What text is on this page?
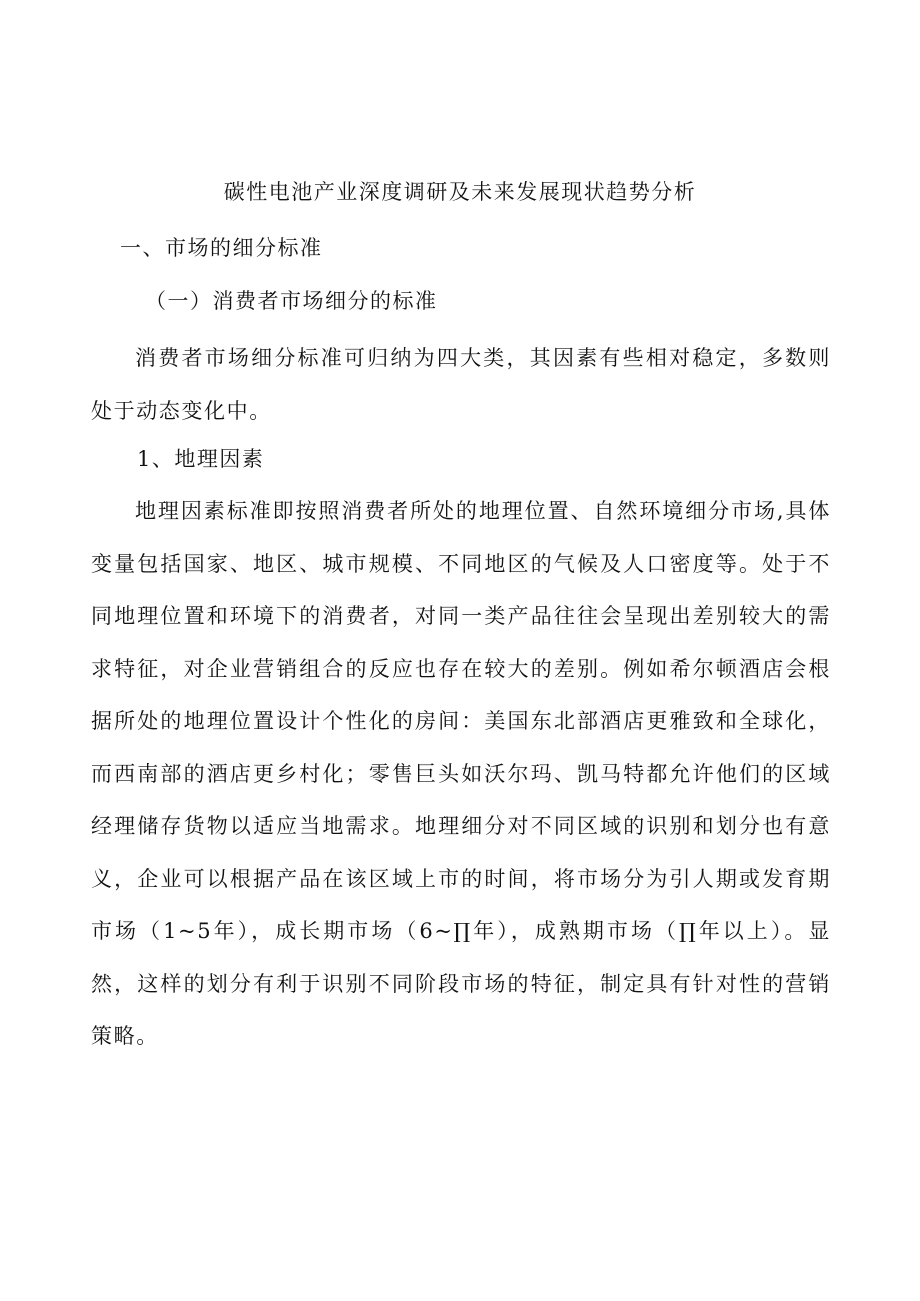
碳性电池产业深度调研及未来发展现状趋势分析
一、市场的细分标准
（一）消费者市场细分的标准

消费者市场细分标准可归纳为四大类，其因素有些相对稳定，多数则处于动态变化中。

1、地理因素

地理因素标准即按照消费者所处的地理位置、自然环境细分市场,具体变量包括国家、地区、城市规模、不同地区的气候及人口密度等。处于不同地理位置和环境下的消费者，对同一类产品往往会呈现出差别较大的需求特征，对企业营销组合的反应也存在较大的差别。例如希尔顿酒店会根据所处的地理位置设计个性化的房间：美国东北部酒店更雅致和全球化，而西南部的酒店更乡村化；零售巨头如沃尔玛、凯马特都允许他们的区域经理储存货物以适应当地需求。地理细分对不同区域的识别和划分也有意义，企业可以根据产品在该区域上市的时间，将市场分为引人期或发育期市场（1~5年），成长期市场（6~∏年），成熟期市场（∏年以上）。显然，这样的划分有利于识别不同阶段市场的特征，制定具有针对性的营销策略。
